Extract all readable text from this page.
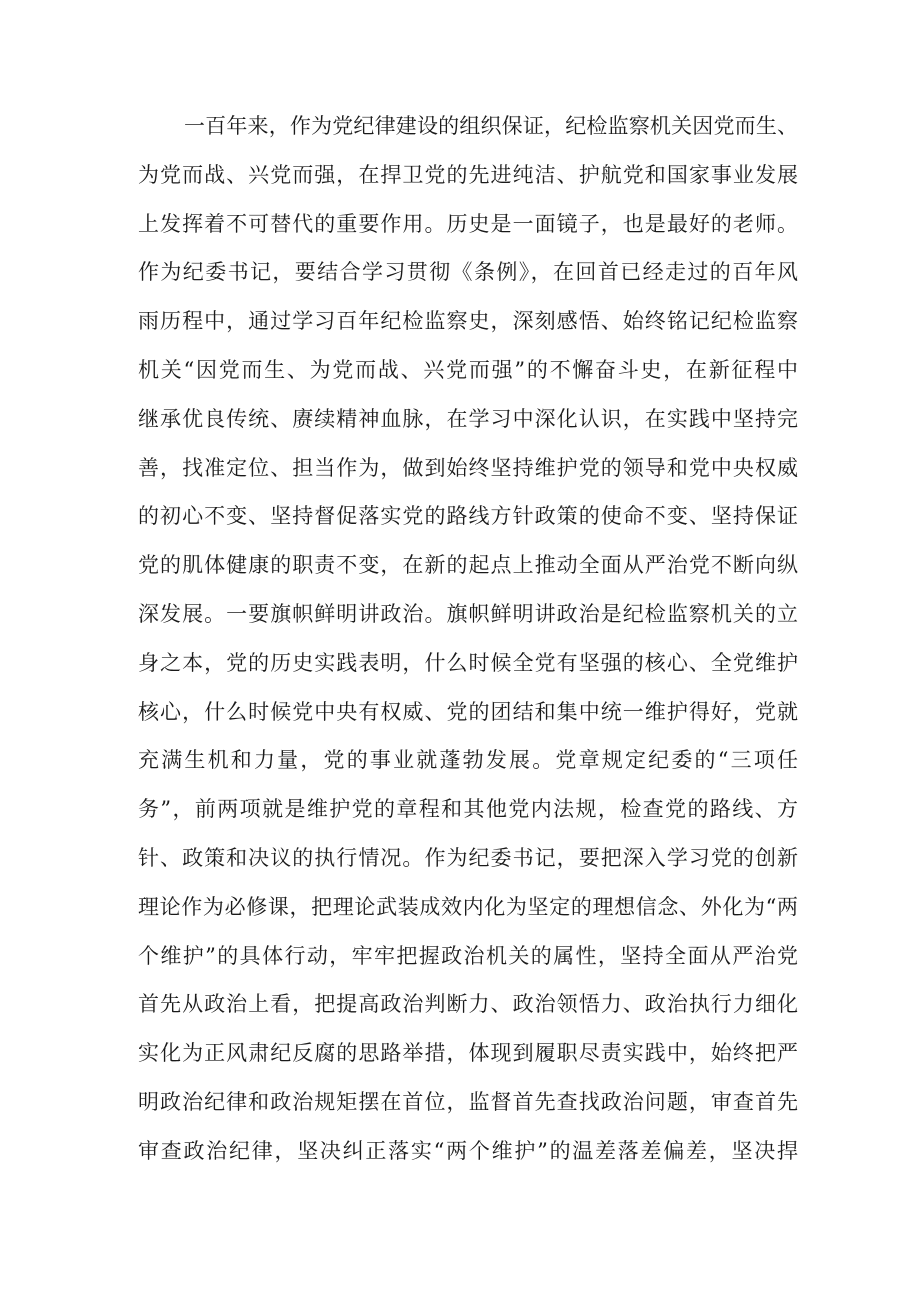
一百年来，作为党纪律建设的组织保证，纪检监察机关因党而生、
为党而战、兴党而强，在捍卫党的先进纯洁、护航党和国家事业发展
上发挥着不可替代的重要作用。历史是一面镜子，也是最好的老师。
作为纪委书记，要结合学习贯彻《条例》，在回首已经走过的百年风
雨历程中，通过学习百年纪检监察史，深刻感悟、始终铭记纪检监察
机关“因党而生、为党而战、兴党而强”的不懈奋斗史，在新征程中
继承优良传统、赓续精神血脉，在学习中深化认识，在实践中坚持完
善，找准定位、担当作为，做到始终坚持维护党的领导和党中央权威
的初心不变、坚持督促落实党的路线方针政策的使命不变、坚持保证
党的肌体健康的职责不变，在新的起点上推动全面从严治党不断向纵
深发展。一要旗帜鲜明讲政治。旗帜鲜明讲政治是纪检监察机关的立
身之本，党的历史实践表明，什么时候全党有坚强的核心、全党维护
核心，什么时候党中央有权威、党的团结和集中统一维护得好，党就
充满生机和力量，党的事业就蓬勃发展。党章规定纪委的“三项任
务”，前两项就是维护党的章程和其他党内法规，检查党的路线、方
针、政策和决议的执行情况。作为纪委书记，要把深入学习党的创新
理论作为必修课，把理论武装成效内化为坚定的理想信念、外化为“两
个维护”的具体行动，牢牢把握政治机关的属性，坚持全面从严治党
首先从政治上看，把提高政治判断力、政治领悟力、政治执行力细化
实化为正风肃纪反腐的思路举措，体现到履职尽责实践中，始终把严
明政治纪律和政治规矩摆在首位，监督首先查找政治问题，审查首先
审查政治纪律，坚决纠正落实“两个维护”的温差落差偏差，坚决捍
